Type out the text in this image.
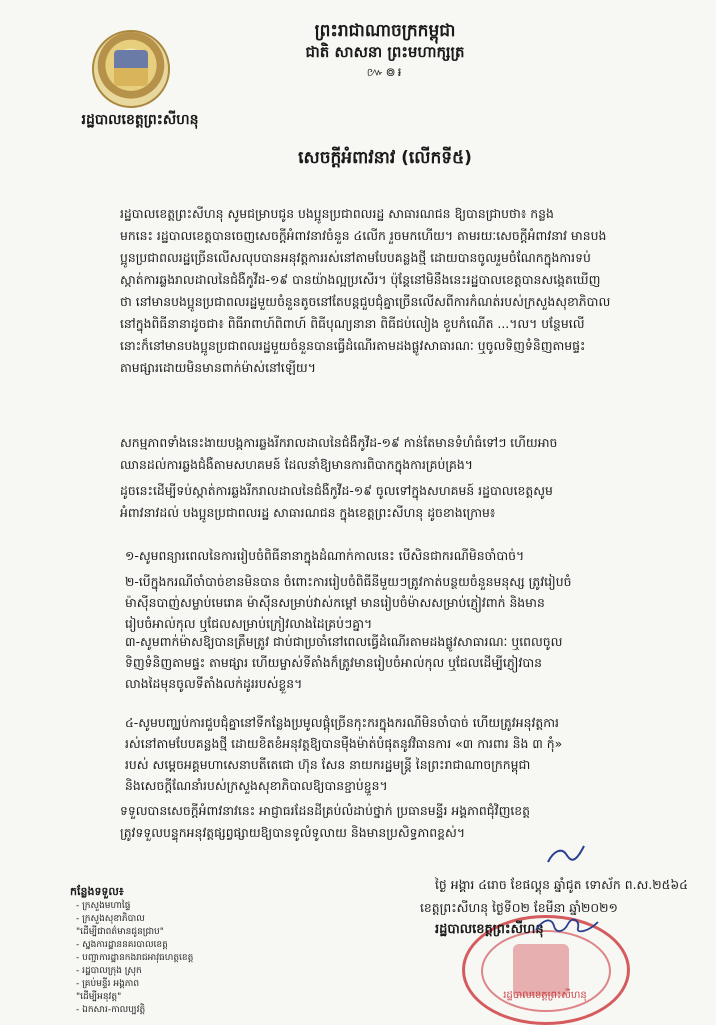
រដ្ឋបាលខេត្តព្រះសីហនុ
ព្រះរាជាណាចក្រកម្ពុជា
ជាតិ សាសនា ព្រះមហាក្សត្រ
៚៙៛
សេចក្ដីអំពាវនាវ (លើកទី៥)
រដ្ឋបាលខេត្តព្រះសីហនុ សូមជម្រាបជូន បងប្អូនប្រជាពលរដ្ឋ សាធារណជន ឱ្យបានជ្រាបថា៖ កន្លង
មកនេះ រដ្ឋបាលខេត្តបានចេញសេចក្ដីអំពាវនាវចំនួន ៤លើក រួចមកហើយ។ តាមរយៈសេចក្ដីអំពាវនាវ មានបង
ប្អូនប្រជាពលរដ្ឋច្រើនលើសលុបបានអនុវត្តការរស់នៅតាមបែបគន្លងថ្មី ដោយបានចូលរួមចំណែកក្នុងការទប់
ស្កាត់ការឆ្លងរាលដាលនៃជំងឺកូវីដ-១៩ បានយ៉ាងល្អប្រសើរ។ ប៉ុន្តែនៅមិនឹងនេះរដ្ឋបាលខេត្តបានសង្កេតឃើញ
ថា នៅមានបងប្អូនប្រជាពលរដ្ឋមួយចំនួនតូចនៅតែបន្តជួបជុំគ្នាច្រើនលើសពីការកំណត់របស់ក្រសួងសុខាភិបាល
នៅក្នុងពិធីនានាដូចជា៖ ពិធីរាពាហ៍ពិពាហ៍ ពិធីបុណ្យនានា ពិធីជប់លៀង ខួបកំណើត ...។ល។ បន្ថែមលើ
នោះក៏នៅមានបងប្អូនប្រជាពលរដ្ឋមួយចំនួនបានធ្វើដំណើរតាមដងផ្លូវសាធារណៈ ឬចូលទិញទំនិញតាមផ្ទះ
តាមផ្សារដោយមិនមានពាក់ម៉ាស់នៅឡើយ។
សកម្មភាពទាំងនេះងាយបង្កការឆ្លងរីករាលដាលនៃជំងឺកូវីដ-១៩ កាន់តែមានទំហំធំទៅៗ ហើយអាច
ឈានដល់ការឆ្លងជំងឺតាមសហគមន៍ ដែលនាំឱ្យមានការពិបាកក្នុងការគ្រប់គ្រង។
ដូចនេះដើម្បីទប់ស្កាត់ការឆ្លងរីករាលដាលនៃជំងឺកូវីដ-១៩ ចូលទៅក្នុងសហគមន៍ រដ្ឋបាលខេត្តសូម
អំពាវនាវដល់ បងប្អូនប្រជាពលរដ្ឋ សាធារណជន ក្នុងខេត្តព្រះសីហនុ ដូចខាងក្រោម៖
១-សូមពន្យារពេលនៃការរៀបចំពិធីនានាក្នុងដំណាក់កាលនេះ បើសិនជាករណីមិនចាំបាច់។
២-បើក្នុងករណីចាំបាច់ខានមិនបាន ចំពោះការរៀបចំពិធីនីមួយៗត្រូវកាត់បន្ថយចំនួនមនុស្ស ត្រូវរៀបចំ
ម៉ាស៊ីនបាញ់សម្លាប់មេរោគ ម៉ាស៊ីនសម្រាប់វាស់កម្ដៅ មានរៀបចំម៉ាសសម្រាប់ភ្ញៀវពាក់ និងមាន
រៀបចំអាល់កុល ឬជែលសម្រាប់ក្រៀវលាងដៃគ្រប់ៗគ្នា។
៣-សូមពាក់ម៉ាសឱ្យបានត្រឹមត្រូវ ជាប់ជាប្រចាំនៅពេលធ្វើដំណើរតាមដងផ្លូវសាធារណៈ ឬពេលចូល
ទិញទំនិញតាមផ្ទះ តាមផ្សារ ហើយម្ចាស់ទីតាំងក៏ត្រូវមានរៀបចំអាល់កុល ឬជែលដើម្បីភ្ញៀវបាន
លាងដៃមុនចូលទីតាំងលក់ដូររបស់ខ្លួន។
៤-សូមបញ្ឈប់ការជួបជុំគ្នានៅទីកន្លែងប្រមូលផ្ដុំច្រើនកុះករក្នុងករណីមិនចាំបាច់ ហើយត្រូវអនុវត្តការ
រស់នៅតាមបែបគន្លងថ្មី ដោយខិតខំអនុវត្តឱ្យបានម៉ឺងម៉ាត់បំផុតនូវវិធានការ «៣ ការពារ និង ៣ កុំ»
របស់ សម្ដេចអគ្គមហាសេនាបតីតេជោ ហ៊ុន សែន នាយករដ្ឋមន្ត្រី នៃព្រះរាជាណាចក្រកម្ពុជា
និងសេចក្ដីណែនាំរបស់ក្រសួងសុខាភិបាលឱ្យបានខ្ជាប់ខ្ជួន។
ទទួលបានសេចក្ដីអំពាវនាវនេះ អាជ្ញាធរដែនដីគ្រប់លំដាប់ថ្នាក់ ប្រធានមន្ទីរ អង្គភាពជុំវិញខេត្ត
ត្រូវទទួលបន្ទុកអនុវត្តផ្សព្វផ្សាយឱ្យបានទូលំទូលាយ និងមានប្រសិទ្ធភាពខ្ពស់។
ថ្ងៃ អង្គារ ៤រោច ខែផល្គុន ឆ្នាំជូត ទោស័ក ព.ស.២៥៦៤
ខេត្តព្រះសីហនុ ថ្ងៃទី០២ ខែមីនា ឆ្នាំ២០២១
រដ្ឋបាលខេត្តព្រះសីហនុ
រដ្ឋបាលខេត្តព្រះសីហនុ
កន្លែងទទួល៖
- ក្រសួងមហាផ្ទៃ
- ក្រសួងសុខាភិបាល
"ដើម្បីជាពត៌មានជូនជ្រាប"
- ស្នងការដ្ឋាននគរបាលខេត្ត
- បញ្ជាការដ្ឋានកងរាជអាវុធហត្ថខេត្ត
- រដ្ឋបាលក្រុង ស្រុក
- គ្រប់មន្ទីរ អង្គភាព
"ដើម្បីអនុវត្ត"
- ឯកសារ-កាលប្បវត្តិ
